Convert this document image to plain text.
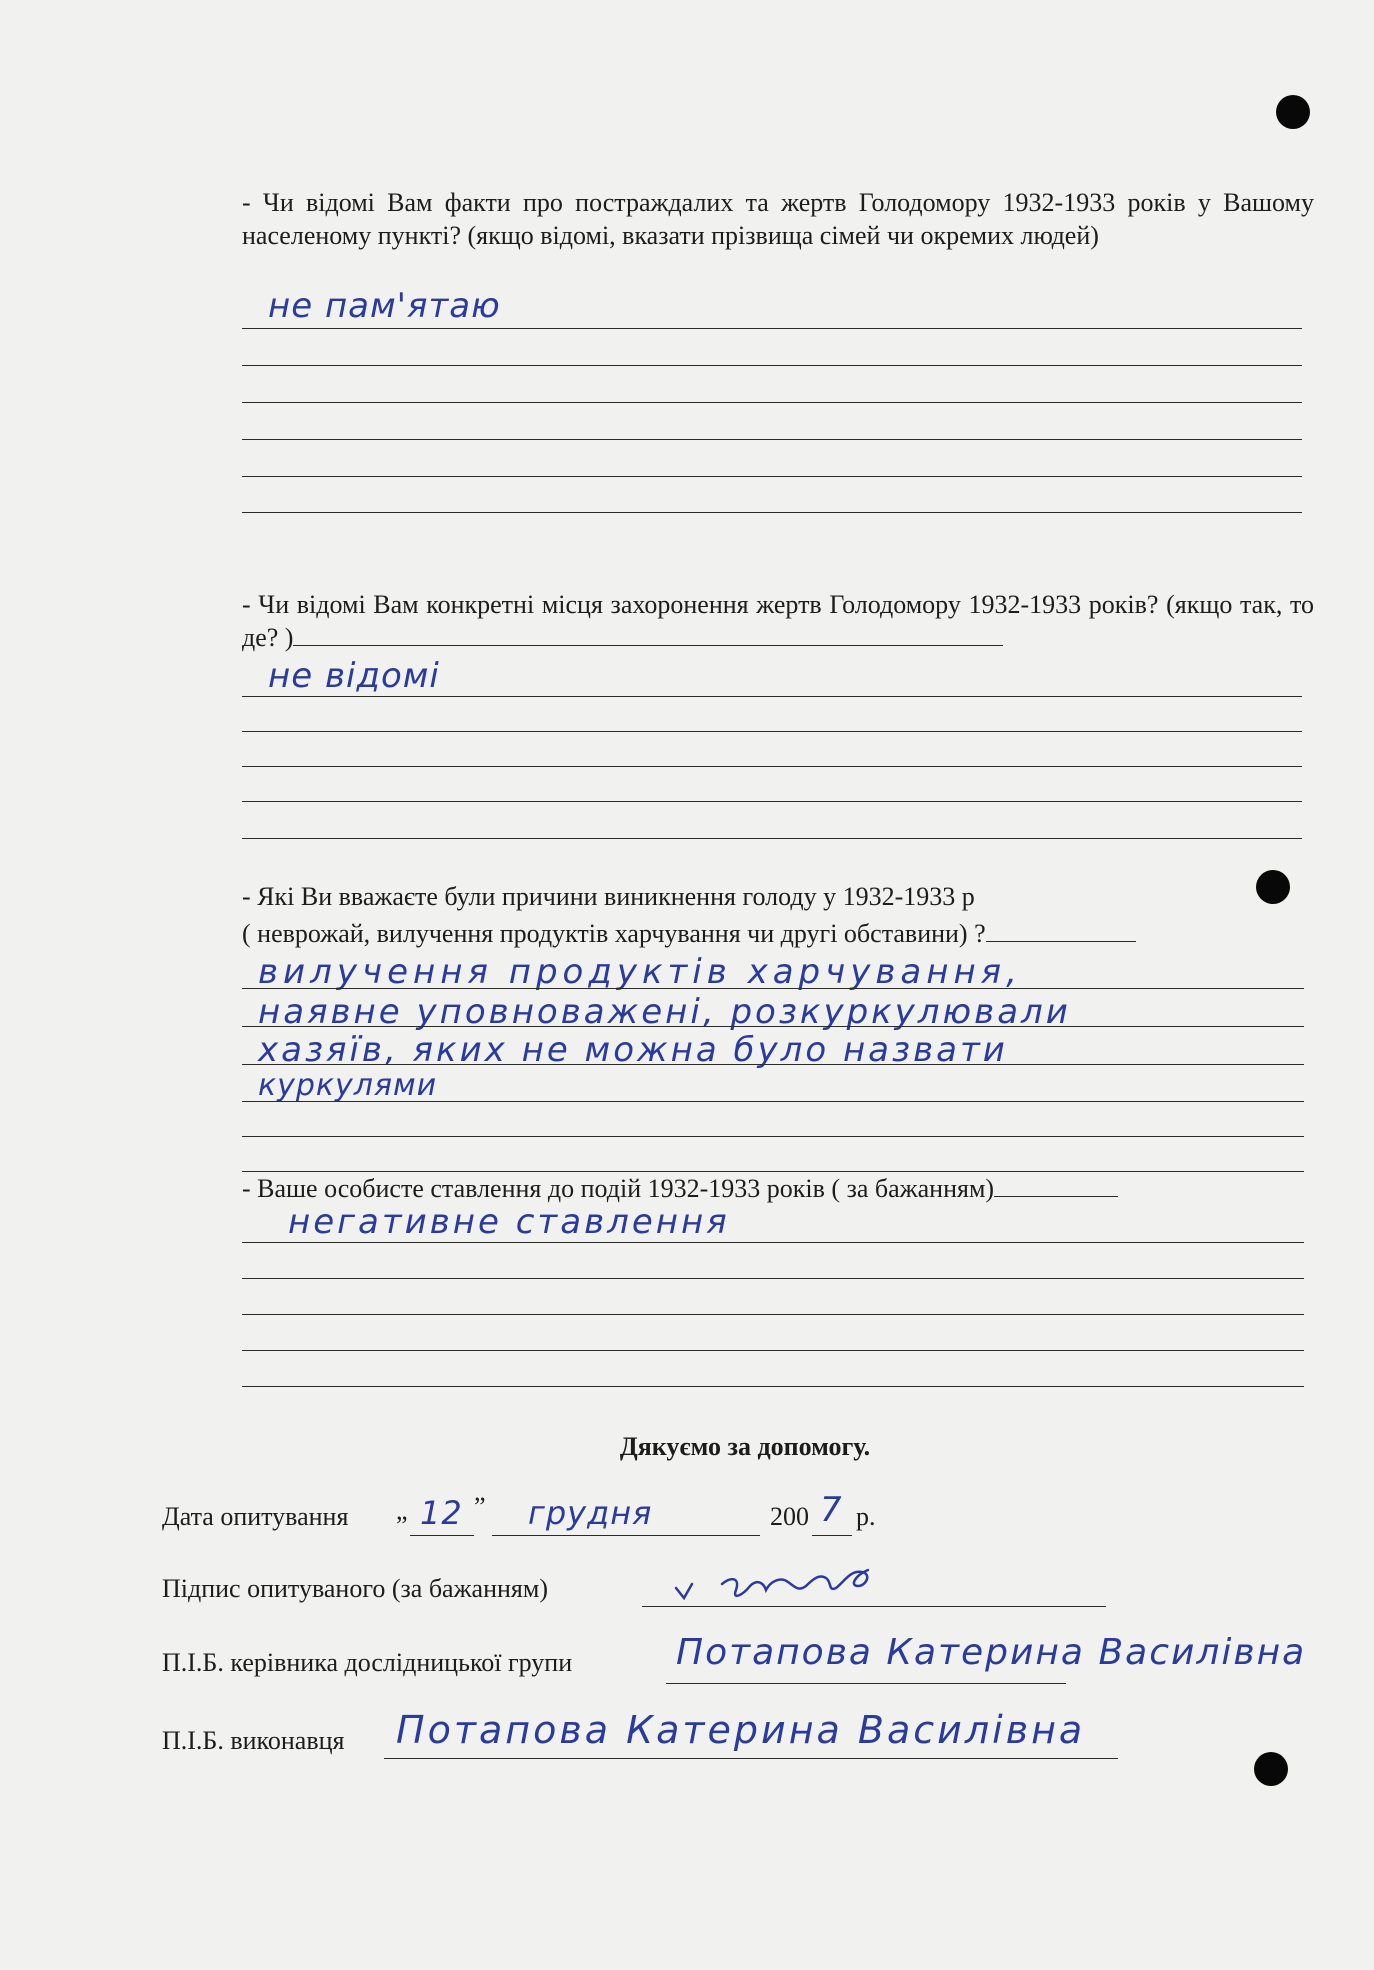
- Чи відомі Вам факти про постраждалих та жертв Голодомору 1932-1933 років у Вашому населеному пункті? (якщо відомі, вказати прізвища сімей чи окремих людей)
не пам'ятаю
- Чи відомі Вам конкретні місця захоронення жертв Голодомору 1932-1933 років? (якщо так, то де? )
не відомі
- Які Ви вважаєте були причини виникнення голоду у 1932-1933 р
( неврожай, вилучення продуктів харчування чи другі обставини) ?
вилучення продуктів харчування,
наявне уповноважені, розкуркулювали
хазяїв, яких не можна було назвати
куркулями
- Ваше особисте ставлення до подій 1932-1933 років ( за бажанням)
негативне ставлення
Дякуємо за допомогу.
Дата опитування „ 12 ” грудня	200 7 р.
Підпис опитуваного (за бажанням)
П.І.Б. керівника дослідницької групи	Потапова Катерина Василівна
П.І.Б. виконавця Потапова Катерина Василівна
